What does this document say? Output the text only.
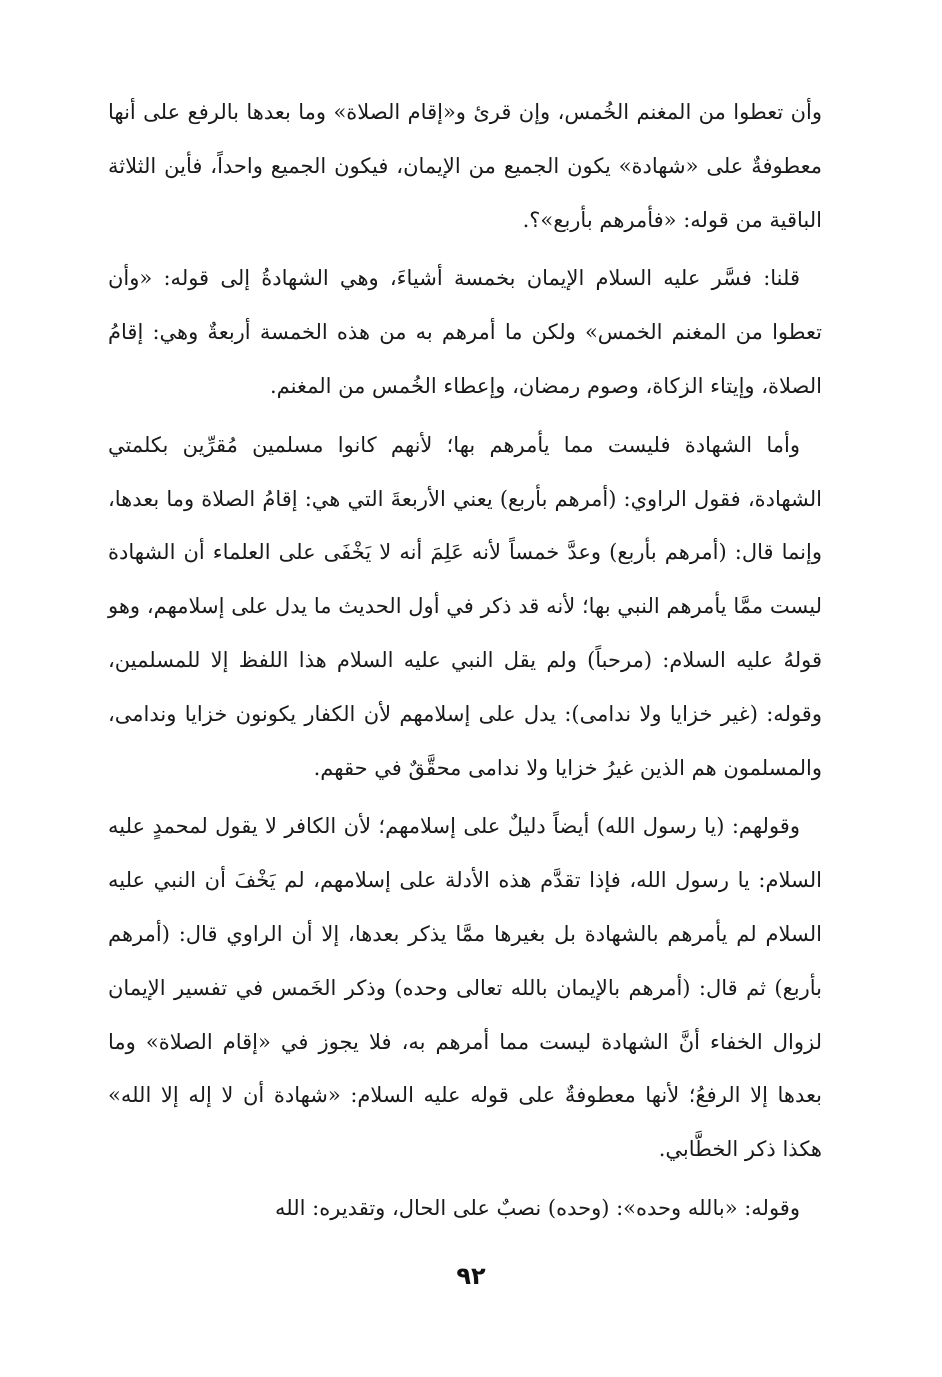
وأن تعطوا من المغنم الخُمس، وإن قرئ و«إقام الصلاة» وما بعدها بالرفع على أنها معطوفةٌ على «شهادة» يكون الجميع من الإيمان، فيكون الجميع واحداً، فأين الثلاثة الباقية من قوله: «فأمرهم بأربع»؟.

قلنا: فسَّر عليه السلام الإيمان بخمسة أشياءَ، وهي الشهادةُ إلى قوله: «وأن تعطوا من المغنم الخمس» ولكن ما أمرهم به من هذه الخمسة أربعةٌ وهي: إقامُ الصلاة، وإيتاء الزكاة، وصوم رمضان، وإعطاء الخُمس من المغنم.

وأما الشهادة فليست مما يأمرهم بها؛ لأنهم كانوا مسلمين مُقرِّين بكلمتي الشهادة، فقول الراوي: (أمرهم بأربع) يعني الأربعةَ التي هي: إقامُ الصلاة وما بعدها، وإنما قال: (أمرهم بأربع) وعدَّ خمساً لأنه عَلِمَ أنه لا يَخْفَى على العلماء أن الشهادة ليست ممَّا يأمرهم النبي بها؛ لأنه قد ذكر في أول الحديث ما يدل على إسلامهم، وهو قولهُ عليه السلام: (مرحباً) ولم يقل النبي عليه السلام هذا اللفظ إلا للمسلمين، وقوله: (غير خزايا ولا ندامى): يدل على إسلامهم لأن الكفار يكونون خزايا وندامى، والمسلمون هم الذين غيرُ خزايا ولا ندامى محقَّقٌ في حقهم.

وقولهم: (يا رسول الله) أيضاً دليلٌ على إسلامهم؛ لأن الكافر لا يقول لمحمدٍ عليه السلام: يا رسول الله، فإذا تقدَّم هذه الأدلة على إسلامهم، لم يَخْفَ أن النبي عليه السلام لم يأمرهم بالشهادة بل بغيرها ممَّا يذكر بعدها، إلا أن الراوي قال: (أمرهم بأربع) ثم قال: (أمرهم بالإيمان بالله تعالى وحده) وذكر الخَمس في تفسير الإيمان لزوال الخفاء أنَّ الشهادة ليست مما أمرهم به، فلا يجوز في «إقام الصلاة» وما بعدها إلا الرفعُ؛ لأنها معطوفةٌ على قوله عليه السلام: «شهادة أن لا إله إلا الله» هكذا ذكر الخطَّابي.

وقوله: «بالله وحده»: (وحده) نصبٌ على الحال، وتقديره: الله

٩٢
